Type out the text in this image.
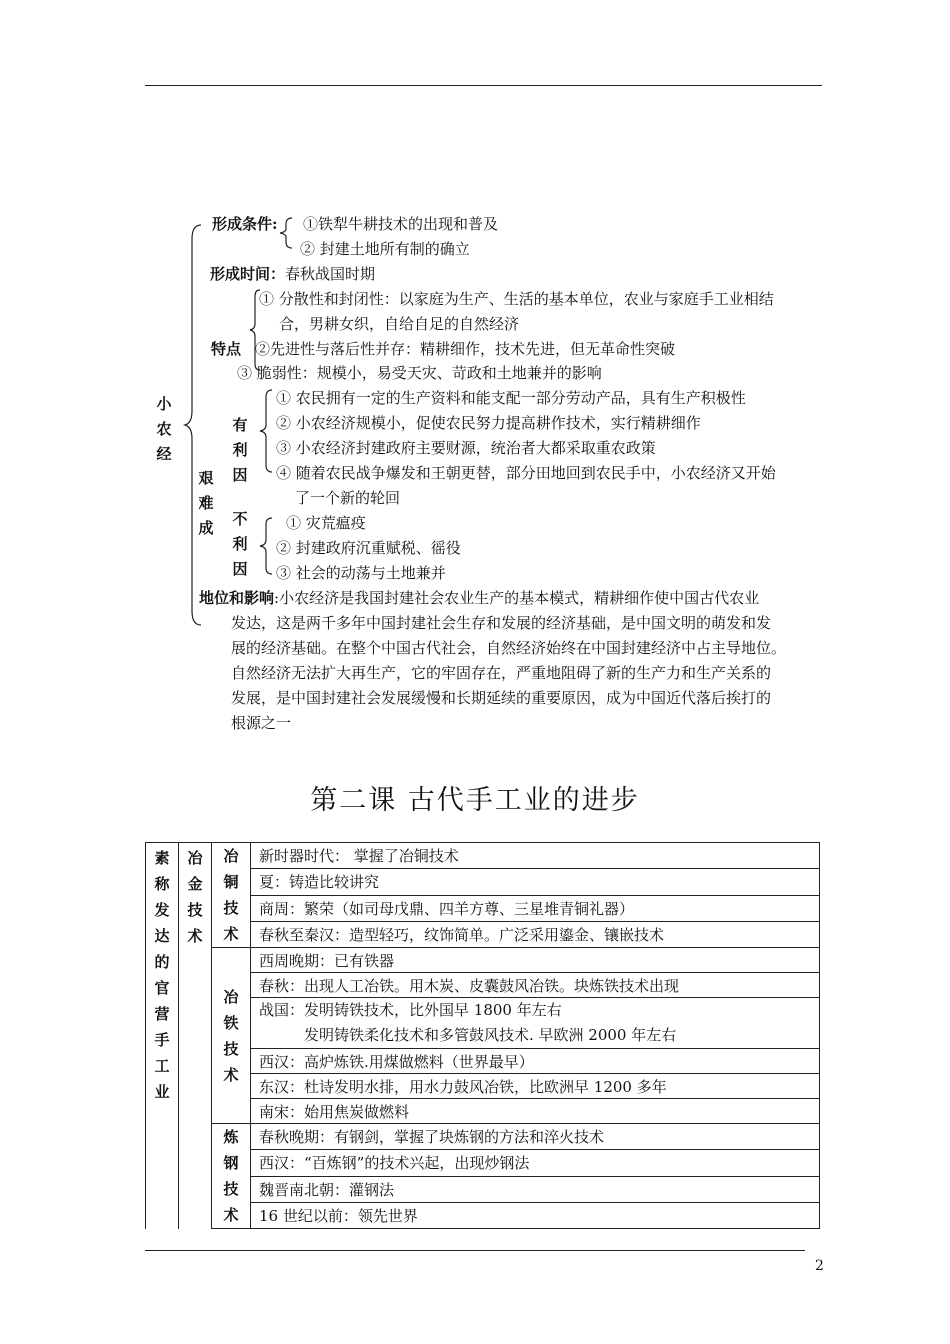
小农经
形成条件: ①铁犁牛耕技术的出现和普及
② 封建土地所有制的确立
形成时间：春秋战国时期
特点
① 分散性和封闭性：以家庭为生产、生活的基本单位，农业与家庭手工业相结
合，男耕女织，自给自足的自然经济
②先进性与落后性并存：精耕细作，技术先进，但无革命性突破
③ 脆弱性：规模小，易受天灾、苛政和土地兼并的影响
艰难成
有利因
① 农民拥有一定的生产资料和能支配一部分劳动产品，具有生产积极性
② 小农经济规模小，促使农民努力提高耕作技术，实行精耕细作
③ 小农经济封建政府主要财源，统治者大都采取重农政策
④ 随着农民战争爆发和王朝更替，部分田地回到农民手中，小农经济又开始
了一个新的轮回
不利因
① 灾荒瘟疫
② 封建政府沉重赋税、徭役
③ 社会的动荡与土地兼并
地位和影响:小农经济是我国封建社会农业生产的基本模式，精耕细作使中国古代农业
发达，这是两千多年中国封建社会生存和发展的经济基础，是中国文明的萌发和发
展的经济基础。在整个中国古代社会，自然经济始终在中国封建经济中占主导地位。
自然经济无法扩大再生产，它的牢固存在，严重地阻碍了新的生产力和生产关系的
发展，是中国封建社会发展缓慢和长期延续的重要原因，成为中国近代落后挨打的
根源之一
第二课 古代手工业的进步
素称发达的官营手工业	冶金技术	冶铜技术	新时器时代： 掌握了冶铜技术
			夏：铸造比较讲究
			商周：繁荣（如司母戊鼎、四羊方尊、三星堆青铜礼器）
			春秋至秦汉：造型轻巧，纹饰简单。广泛采用鎏金、镶嵌技术
		冶铁技术	西周晚期：已有铁器
			春秋：出现人工冶铁。用木炭、皮囊鼓风冶铁。块炼铁技术出现

			战国：发明铸铁技术，比外国早 1800 年左右
发明铸铁柔化技术和多管鼓风技术. 早欧洲 2000 年左右

			西汉：高炉炼铁.用煤做燃料（世界最早）
			东汉：杜诗发明水排，用水力鼓风冶铁，比欧洲早 1200 多年
			南宋：始用焦炭做燃料
		炼钢技术	春秋晚期：有钢剑，掌握了块炼钢的方法和淬火技术
			西汉：“百炼钢”的技术兴起，出现炒钢法
			魏晋南北朝：灌钢法
			16 世纪以前：领先世界
2
